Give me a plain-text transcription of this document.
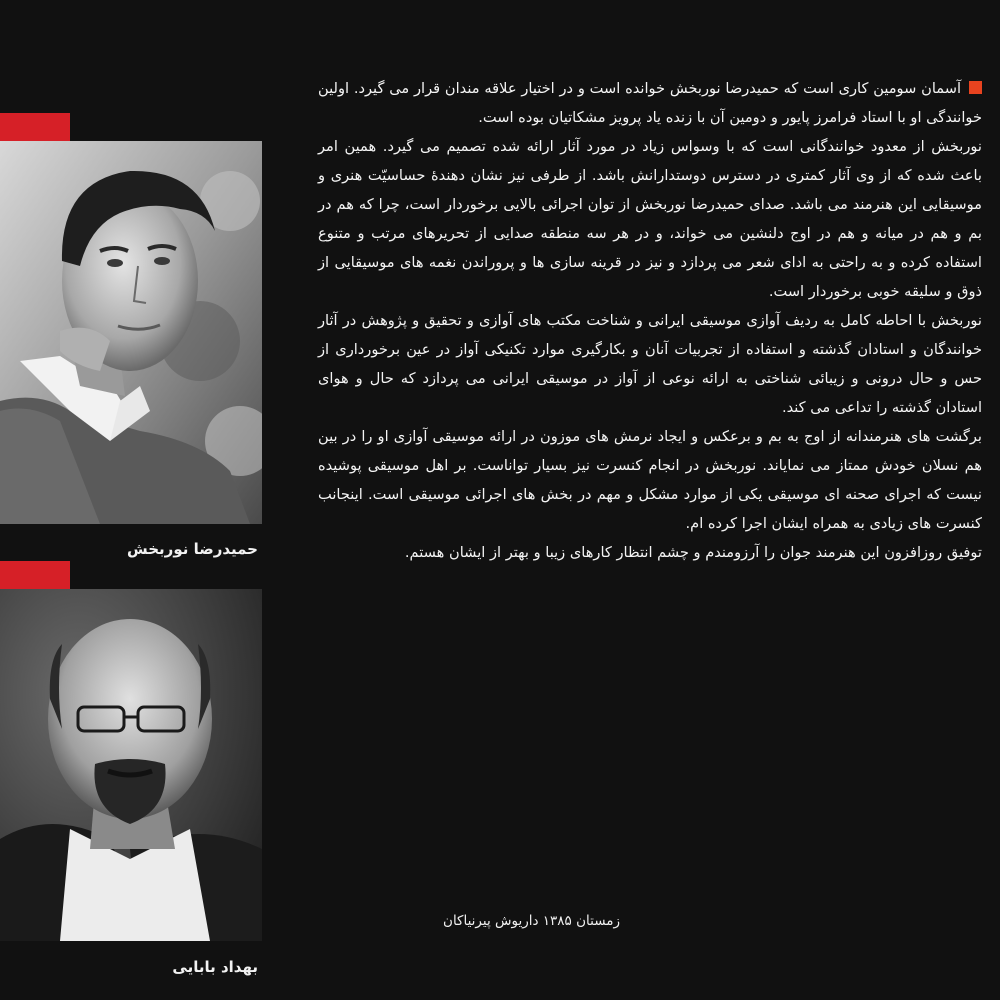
حمیدرضا نوربخش
بهداد بابایی

آسمان سومین کاری است که حمیدرضا نوربخش خوانده است و در اختیار علاقه مندان قرار می گیرد. اولین خوانندگی او با استاد فرامرز پایور و دومین آن با زنده یاد پرویز مشکاتیان بوده است.

نوربخش از معدود خوانندگانی است که با وسواس زیاد در مورد آثار ارائه شده تصمیم می گیرد. همین امر باعث شده که از وی آثار کمتری در دسترس دوستدارانش باشد. از طرفی نیز نشان دهندهٔ حساسیّت هنری و موسیقایی این هنرمند می باشد. صدای حمیدرضا نوربخش از توان اجرائی بالایی برخوردار است، چرا که هم در بم و هم در میانه و هم در اوج دلنشین می خواند، و در هر سه منطقه صدایی از تحریرهای مرتب و متنوع استفاده کرده و به راحتی به ادای شعر می پردازد و نیز در قرینه سازی ها و پروراندن نغمه های موسیقایی از ذوق و سلیقه خوبی برخوردار است.

نوربخش با احاطه کامل به ردیف آوازی موسیقی ایرانی و شناخت مکتب های آوازی و تحقیق و پژوهش در آثار خوانندگان و استادان گذشته و استفاده از تجربیات آنان و بکارگیری موارد تکنیکی آواز در عین برخورداری از حس و حال درونی و زیبائی شناختی به ارائه نوعی از آواز در موسیقی ایرانی می پردازد که حال و هوای استادان گذشته را تداعی می کند.

برگشت های هنرمندانه از اوج به بم و برعکس و ایجاد نرمش های موزون در ارائه موسیقی آوازی او را در بین هم نسلان خودش ممتاز می نمایاند. نوربخش در انجام کنسرت نیز بسیار تواناست. بر اهل موسیقی پوشیده نیست که اجرای صحنه ای موسیقی یکی از موارد مشکل و مهم در بخش های اجرائی موسیقی است. اینجانب کنسرت های زیادی به همراه ایشان اجرا کرده ام.

توفیق روزافزون این هنرمند جوان را آرزومندم و چشم انتظار کارهای زیبا و بهتر از ایشان هستم.

زمستان ۱۳۸۵ داریوش پیرنیاکان
